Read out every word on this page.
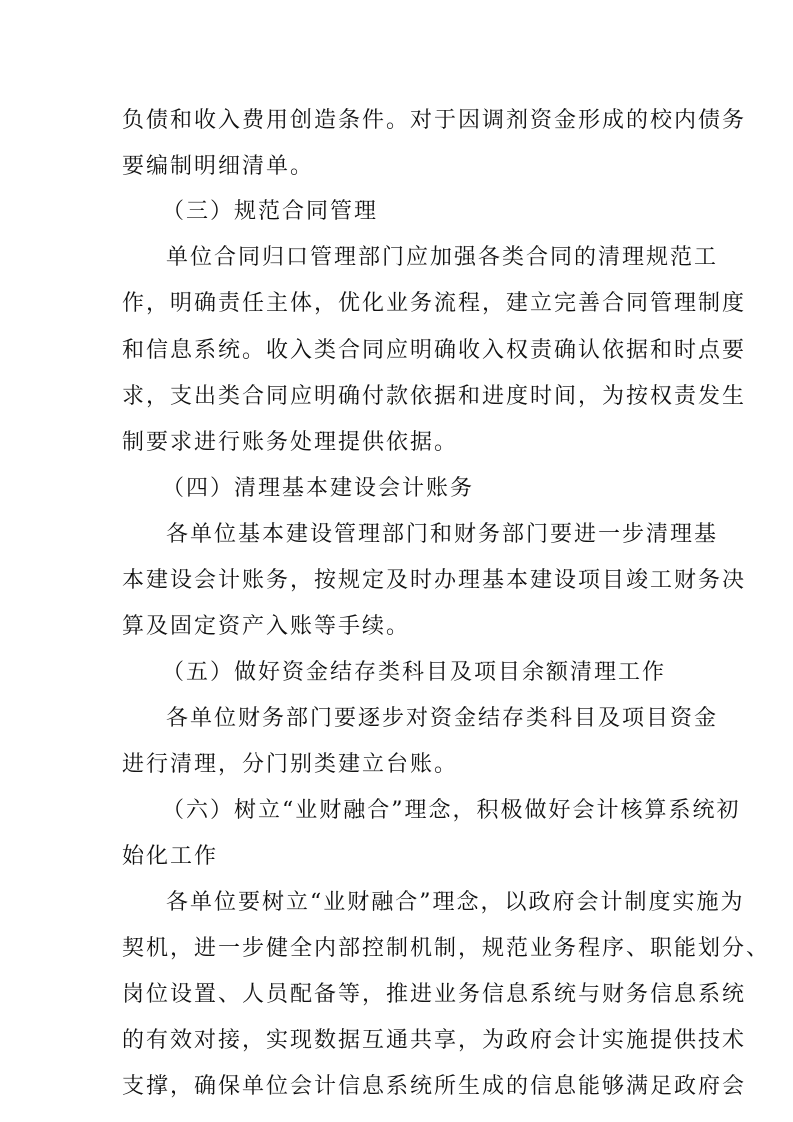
负债和收入费用创造条件。对于因调剂资金形成的校内债务
要编制明细清单。
（三）规范合同管理
单位合同归口管理部门应加强各类合同的清理规范工
作，明确责任主体，优化业务流程，建立完善合同管理制度
和信息系统。收入类合同应明确收入权责确认依据和时点要
求，支出类合同应明确付款依据和进度时间，为按权责发生
制要求进行账务处理提供依据。
（四）清理基本建设会计账务
各单位基本建设管理部门和财务部门要进一步清理基
本建设会计账务，按规定及时办理基本建设项目竣工财务决
算及固定资产入账等手续。
（五）做好资金结存类科目及项目余额清理工作
各单位财务部门要逐步对资金结存类科目及项目资金
进行清理，分门别类建立台账。
（六）树立“业财融合”理念，积极做好会计核算系统初
始化工作
各单位要树立“业财融合”理念，以政府会计制度实施为
契机，进一步健全内部控制机制，规范业务程序、职能划分、
岗位设置、人员配备等，推进业务信息系统与财务信息系统
的有效对接，实现数据互通共享，为政府会计实施提供技术
支撑，确保单位会计信息系统所生成的信息能够满足政府会
